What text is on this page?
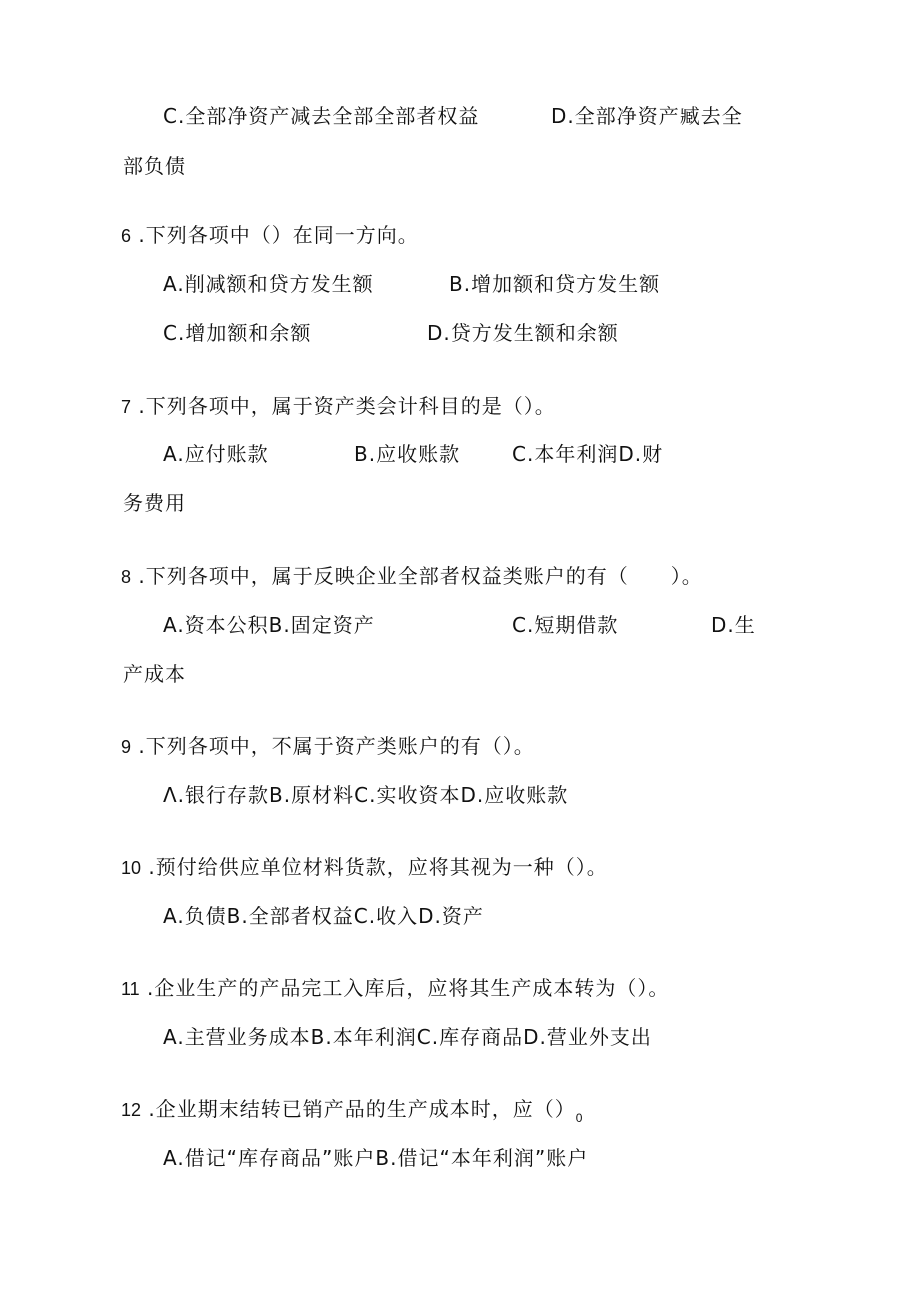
C.全部净资产减去全部全部者权益	D.全部净资产臧去全
部负债
6 .下列各项中（）在同一方向。
A.削减额和贷方发生额	B.增加额和贷方发生额
C.增加额和余额	D.贷方发生额和余额
7 .下列各项中，属于资产类会计科目的是（）。
A.应付账款	B.应收账款	C.本年利润D.财
务费用
8 .下列各项中，属于反映企业全部者权益类账户的有（　　）。
A.资本公积B.固定资产	C.短期借款	D.生
产成本
9 .下列各项中，不属于资产类账户的有（）。
Λ.银行存款B.原材料C.实收资本D.应收账款
10 .预付给供应单位材料货款，应将其视为一种（）。
A.负债B.全部者权益C.收入D.资产
11 .企业生产的产品完工入库后，应将其生产成本转为（）。
A.主营业务成本B.本年利润C.库存商品D.营业外支出
12 .企业期末结转已销产品的生产成本时，应$()_0$
A.借记“库存商品”账户B.借记“本年利润”账户
